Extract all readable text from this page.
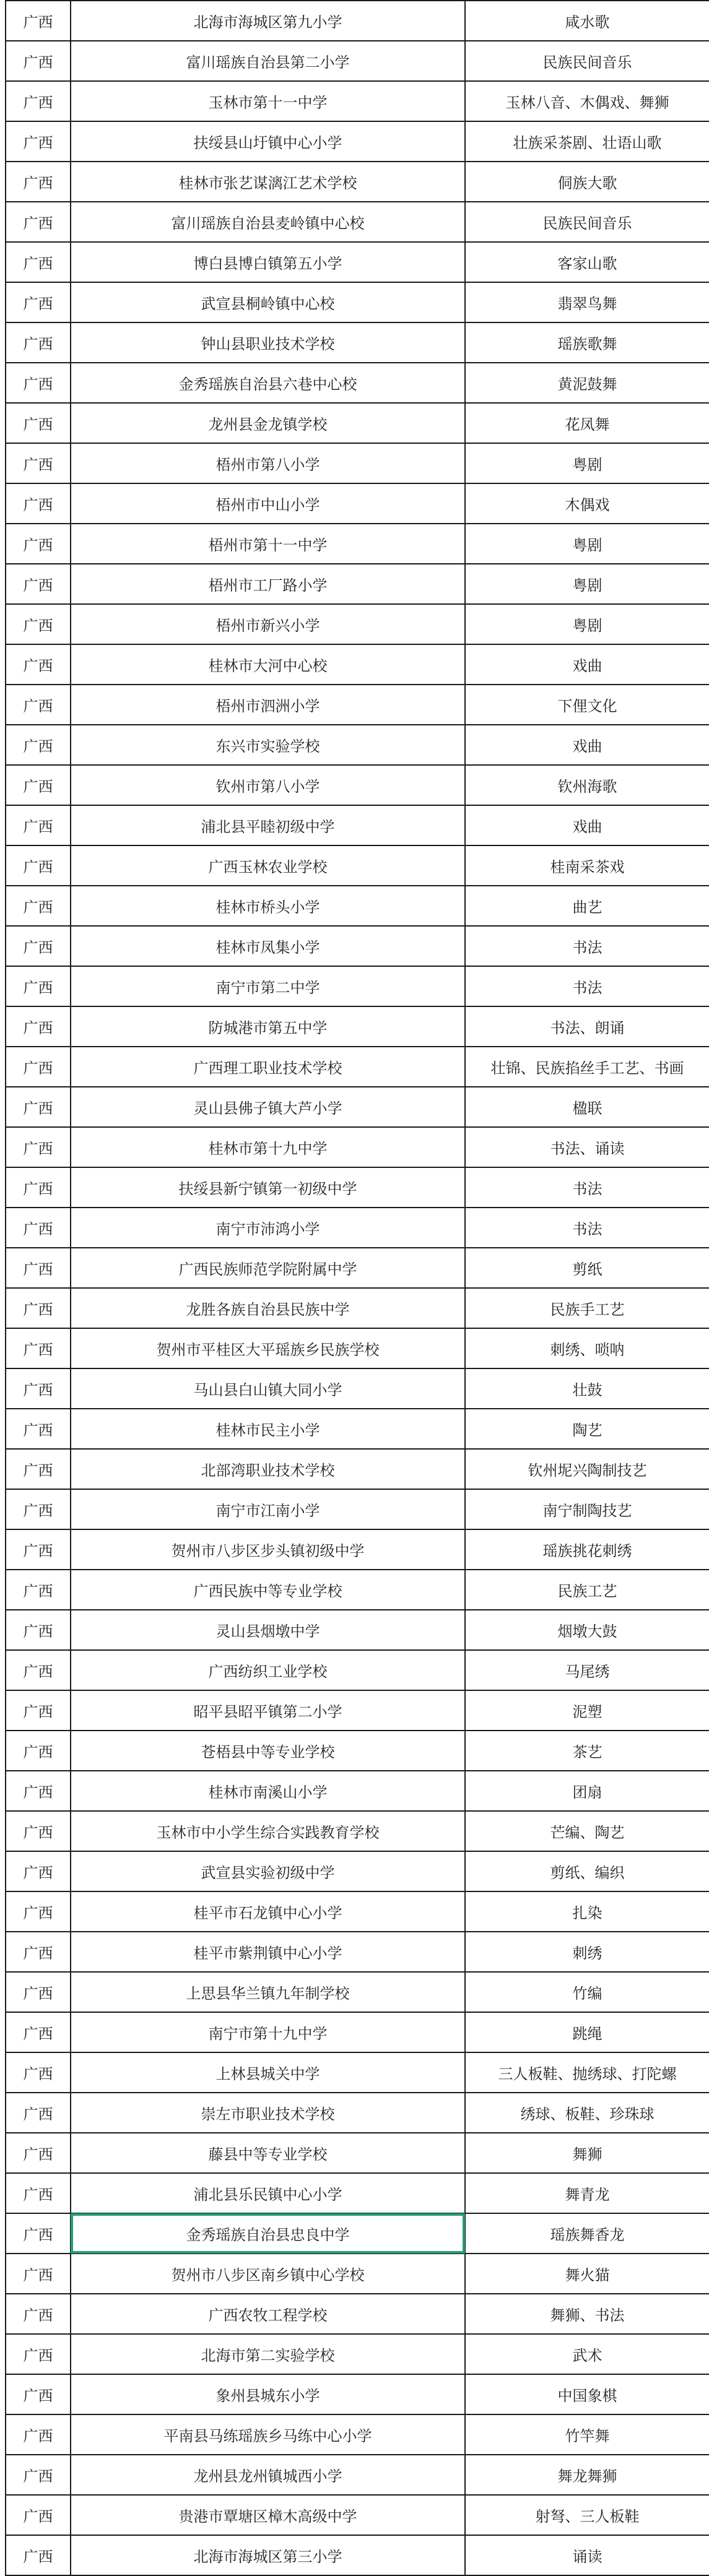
广西	北海市海城区第九小学	咸水歌
广西	富川瑶族自治县第二小学	民族民间音乐
广西	玉林市第十一中学	玉林八音、木偶戏、舞狮
广西	扶绥县山圩镇中心小学	壮族采茶剧、壮语山歌
广西	桂林市张艺谋漓江艺术学校	侗族大歌
广西	富川瑶族自治县麦岭镇中心校	民族民间音乐
广西	博白县博白镇第五小学	客家山歌
广西	武宣县桐岭镇中心校	翡翠鸟舞
广西	钟山县职业技术学校	瑶族歌舞
广西	金秀瑶族自治县六巷中心校	黄泥鼓舞
广西	龙州县金龙镇学校	花凤舞
广西	梧州市第八小学	粤剧
广西	梧州市中山小学	木偶戏
广西	梧州市第十一中学	粤剧
广西	梧州市工厂路小学	粤剧
广西	梧州市新兴小学	粤剧
广西	桂林市大河中心校	戏曲
广西	梧州市泗洲小学	下俚文化
广西	东兴市实验学校	戏曲
广西	钦州市第八小学	钦州海歌
广西	浦北县平睦初级中学	戏曲
广西	广西玉林农业学校	桂南采茶戏
广西	桂林市桥头小学	曲艺
广西	桂林市凤集小学	书法
广西	南宁市第二中学	书法
广西	防城港市第五中学	书法、朗诵
广西	广西理工职业技术学校	壮锦、民族掐丝手工艺、书画
广西	灵山县佛子镇大芦小学	楹联
广西	桂林市第十九中学	书法、诵读
广西	扶绥县新宁镇第一初级中学	书法
广西	南宁市沛鸿小学	书法
广西	广西民族师范学院附属中学	剪纸
广西	龙胜各族自治县民族中学	民族手工艺
广西	贺州市平桂区大平瑶族乡民族学校	刺绣、唢呐
广西	马山县白山镇大同小学	壮鼓
广西	桂林市民主小学	陶艺
广西	北部湾职业技术学校	钦州坭兴陶制技艺
广西	南宁市江南小学	南宁制陶技艺
广西	贺州市八步区步头镇初级中学	瑶族挑花刺绣
广西	广西民族中等专业学校	民族工艺
广西	灵山县烟墩中学	烟墩大鼓
广西	广西纺织工业学校	马尾绣
广西	昭平县昭平镇第二小学	泥塑
广西	苍梧县中等专业学校	茶艺
广西	桂林市南溪山小学	团扇
广西	玉林市中小学生综合实践教育学校	芒编、陶艺
广西	武宣县实验初级中学	剪纸、编织
广西	桂平市石龙镇中心小学	扎染
广西	桂平市紫荆镇中心小学	刺绣
广西	上思县华兰镇九年制学校	竹编
广西	南宁市第十九中学	跳绳
广西	上林县城关中学	三人板鞋、抛绣球、打陀螺
广西	崇左市职业技术学校	绣球、板鞋、珍珠球
广西	藤县中等专业学校	舞狮
广西	浦北县乐民镇中心小学	舞青龙
广西	金秀瑶族自治县忠良中学	瑶族舞香龙
广西	贺州市八步区南乡镇中心学校	舞火猫
广西	广西农牧工程学校	舞狮、书法
广西	北海市第二实验学校	武术
广西	象州县城东小学	中国象棋
广西	平南县马练瑶族乡马练中心小学	竹竿舞
广西	龙州县龙州镇城西小学	舞龙舞狮
广西	贵港市覃塘区樟木高级中学	射弩、三人板鞋
广西	北海市海城区第三小学	诵读
